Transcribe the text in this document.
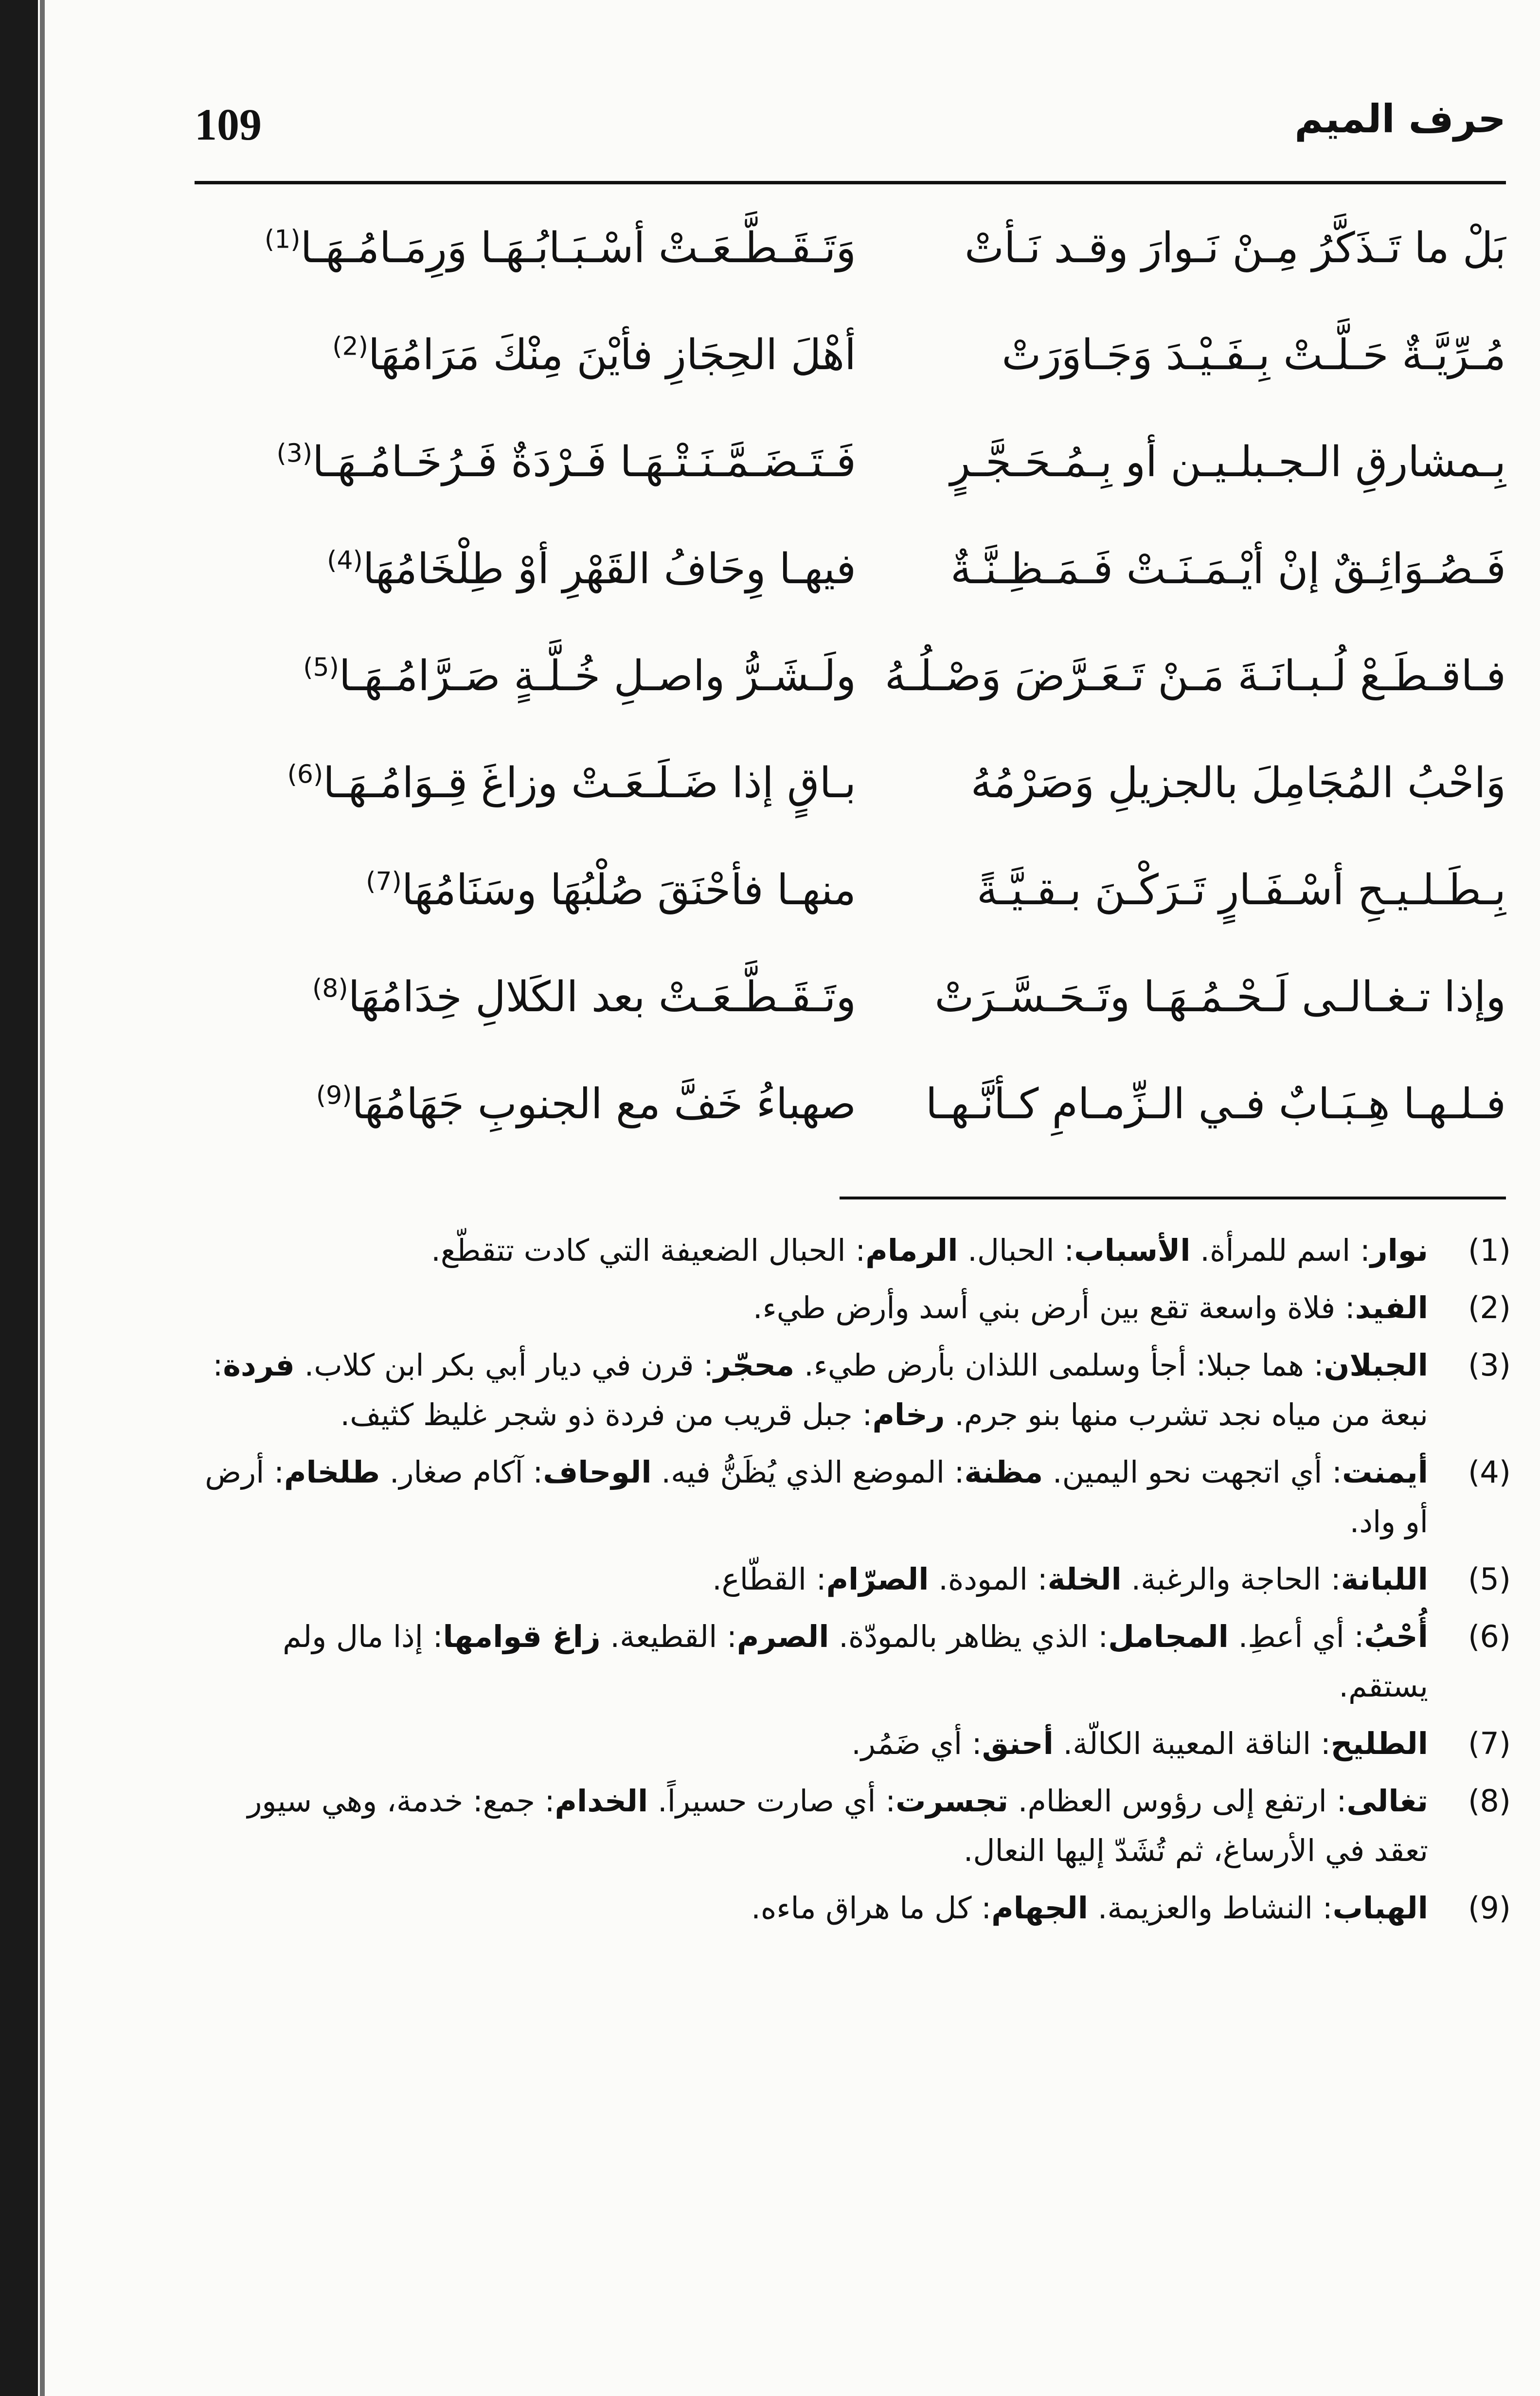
109	حرف الميم
بَلْ ما تَـذَكَّرُ مِـنْ نَـوارَ وقـد نَـأتْ
وَتَـقَـطَّـعَـتْ أسْـبَـابُـهَـا وَرِمَـامُـهَـا$^{(1)}$
مُـرِّيَّـةٌ حَـلَّـتْ بِـفَـيْـدَ وَجَـاوَرَتْ
أهْلَ الحِجَازِ فأيْنَ مِنْكَ مَرَامُهَا$^{(2)}$
بِـمشارقِ الـجـبلـيـن أو بِـمُـحَـجَّـرٍ
فَـتَـضَـمَّـنَـتْـهَـا فَـرْدَةٌ فَـرُخَـامُـهَـا$^{(3)}$
فَـصُـوَائِـقٌ إنْ أيْـمَـنَـتْ فَـمَـظِـنَّـةٌ
فيهـا وِحَافُ القَهْرِ أوْ طِلْخَامُهَا$^{(4)}$
فـاقـطَـعْ لُـبـانَـةَ مَـنْ تَـعَـرَّضَ وَصْـلُـهُ
ولَـشَـرُّ واصـلِ خُـلَّـةٍ صَـرَّامُـهَـا$^{(5)}$
وَاحْبُ المُجَامِلَ بالجزيلِ وَصَرْمُهُ
بـاقٍ إذا ضَـلَـعَـتْ وزاغَ قِـوَامُـهَـا$^{(6)}$
بِـطَـلـيـحِ أسْـفَـارٍ تَـرَكْـنَ بـقـيَّـةً
منهـا فأحْنَقَ صُلْبُهَا وسَنَامُهَا$^{(7)}$
وإذا تـغـالـى لَـحْـمُـهَـا وتَـحَـسَّـرَتْ
وتَـقَـطَّـعَـتْ بعد الكَلالِ خِدَامُهَا$^{(8)}$
فـلـهـا هِـبَـابٌ فـي الـزِّمـامِ كـأنَّـهـا
صهباءُ خَفَّ مع الجنوبِ جَهَامُهَا$^{(9)}$
(1)
نوار: اسم للمرأة. الأسباب: الحبال. الرمام: الحبال الضعيفة التي كادت تتقطّع.
(2)
الفيد: فلاة واسعة تقع بين أرض بني أسد وأرض طيء.
(3)
الجبلان: هما جبلا: أجأ وسلمى اللذان بأرض طيء. محجّر: قرن في ديار أبي بكر ابن كلاب. فردة: نبعة من مياه نجد تشرب منها بنو جرم. رخام: جبل قريب من فردة ذو شجر غليظ كثيف.
(4)
أيمنت: أي اتجهت نحو اليمين. مظنة: الموضع الذي يُظَنُّ فيه. الوحاف: آكام صغار. طلخام: أرض أو واد.
(5)
اللبانة: الحاجة والرغبة. الخلة: المودة. الصرّام: القطّاع.
(6)
أُحْبُ: أي أعطِ. المجامل: الذي يظاهر بالمودّة. الصرم: القطيعة. زاغ قوامها: إذا مال ولم يستقم.
(7)
الطليح: الناقة المعيبة الكالّة. أحنق: أي ضَمُر.
(8)
تغالى: ارتفع إلى رؤوس العظام. تجسرت: أي صارت حسيراً. الخدام: جمع: خدمة، وهي سيور تعقد في الأرساغ، ثم تُشَدّ إليها النعال.
(9)
الهباب: النشاط والعزيمة. الجهام: كل ما هراق ماءه.
